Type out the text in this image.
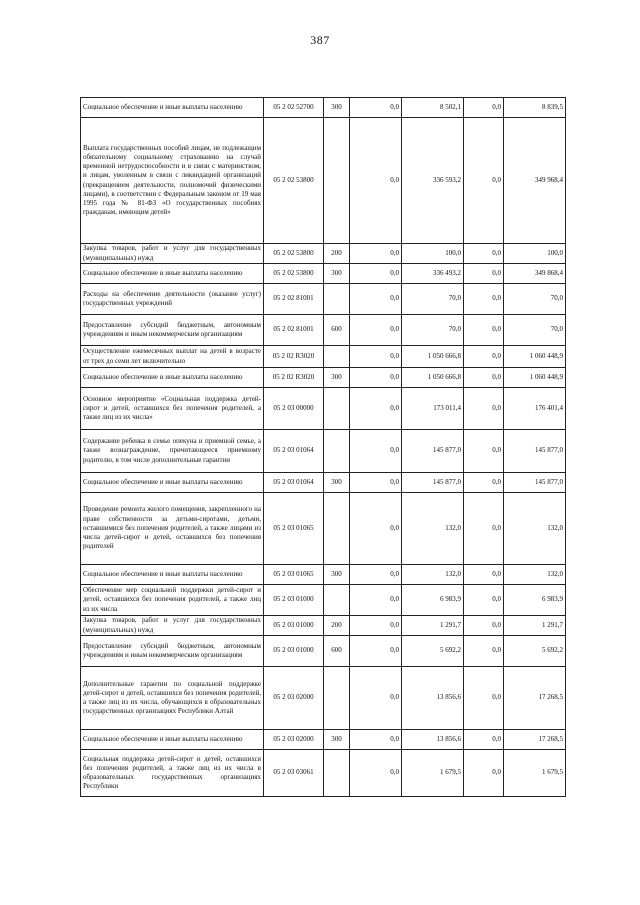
387
Социальное обеспечение и иные выплаты населению	05 2 02 52700	300	0,0	8 502,1	0,0	8 839,5
Выплата государственных пособий лицам, не подлежащим обязательному социальному страхованию на случай временной нетрудоспособности и в связи с материнством, и лицам, уволенным в связи с ликвидацией организаций (прекращением деятельности, полномочий физическими лицами), в соответствии с Федеральным законом от 19 мая 1995 года № 81-ФЗ «О государственных пособиях гражданам, имеющим детей»	05 2 02 53800		0,0	336 593,2	0,0	349 968,4
Закупка товаров, работ и услуг для государственных (муниципальных) нужд	05 2 02 53800	200	0,0	100,0	0,0	100,0
Социальное обеспечение и иные выплаты населению	05 2 02 53800	300	0,0	336 493,2	0,0	349 868,4
Расходы на обеспечение деятельности (оказание услуг) государственных учреждений	05 2 02 81001		0,0	70,0	0,0	70,0
Предоставление субсидий бюджетным, автономным учреждениям и иным некоммерческим организациям	05 2 02 81001	600	0,0	70,0	0,0	70,0
Осуществление ежемесячных выплат на детей в возрасте от трех до семи лет включительно	05 2 02 R3020		0,0	1 050 666,8	0,0	1 060 448,9
Социальное обеспечение и иные выплаты населению	05 2 02 R3020	300	0,0	1 050 666,8	0,0	1 060 448,9
Основное мероприятие «Социальная поддержка детей-сирот и детей, оставшихся без попечения родителей, а также лиц из их числа»	05 2 03 00000		0,0	173 011,4	0,0	176 401,4
Содержание ребенка в семье опекуна и приемной семье, а также вознаграждение, причитающееся приемному родителю, в том числе дополнительные гарантии	05 2 03 01064		0,0	145 877,0	0,0	145 877,0
Социальное обеспечение и иные выплаты населению	05 2 03 01064	300	0,0	145 877,0	0,0	145 877,0
Проведение ремонта жилого помещения, закрепленного на праве собственности за детьми-сиротами, детьми, оставшимися без попечения родителей, а также лицами из числа детей-сирот и детей, оставшихся без попечения родителей	05 2 03 01065		0,0	132,0	0,0	132,0
Социальное обеспечение и иные выплаты населению	05 2 03 01065	300	0,0	132,0	0,0	132,0
Обеспечение мер социальной поддержки детей-сирот и детей, оставшихся без попечения родителей, а также лиц из их числа	05 2 03 01000		0,0	6 983,9	0,0	6 983,9
Закупка товаров, работ и услуг для государственных (муниципальных) нужд	05 2 03 01000	200	0,0	1 291,7	0,0	1 291,7
Предоставление субсидий бюджетным, автономным учреждениям и иным некоммерческим организациям	05 2 03 01000	600	0,0	5 692,2	0,0	5 692,2
Дополнительные гарантии по социальной поддержке детей-сирот и детей, оставшихся без попечения родителей, а также лиц из их числа, обучающихся в образовательных государственных организациях Республики Алтай	05 2 03 02000		0,0	13 856,6	0,0	17 268,5
Социальное обеспечение и иные выплаты населению	05 2 03 02000	300	0,0	13 856,6	0,0	17 268,5
Социальная поддержка детей-сирот и детей, оставшихся без попечения родителей, а также лиц из их числа в образовательных государственных организациях Республики	05 2 03 03061		0,0	1 679,5	0,0	1 679,5
